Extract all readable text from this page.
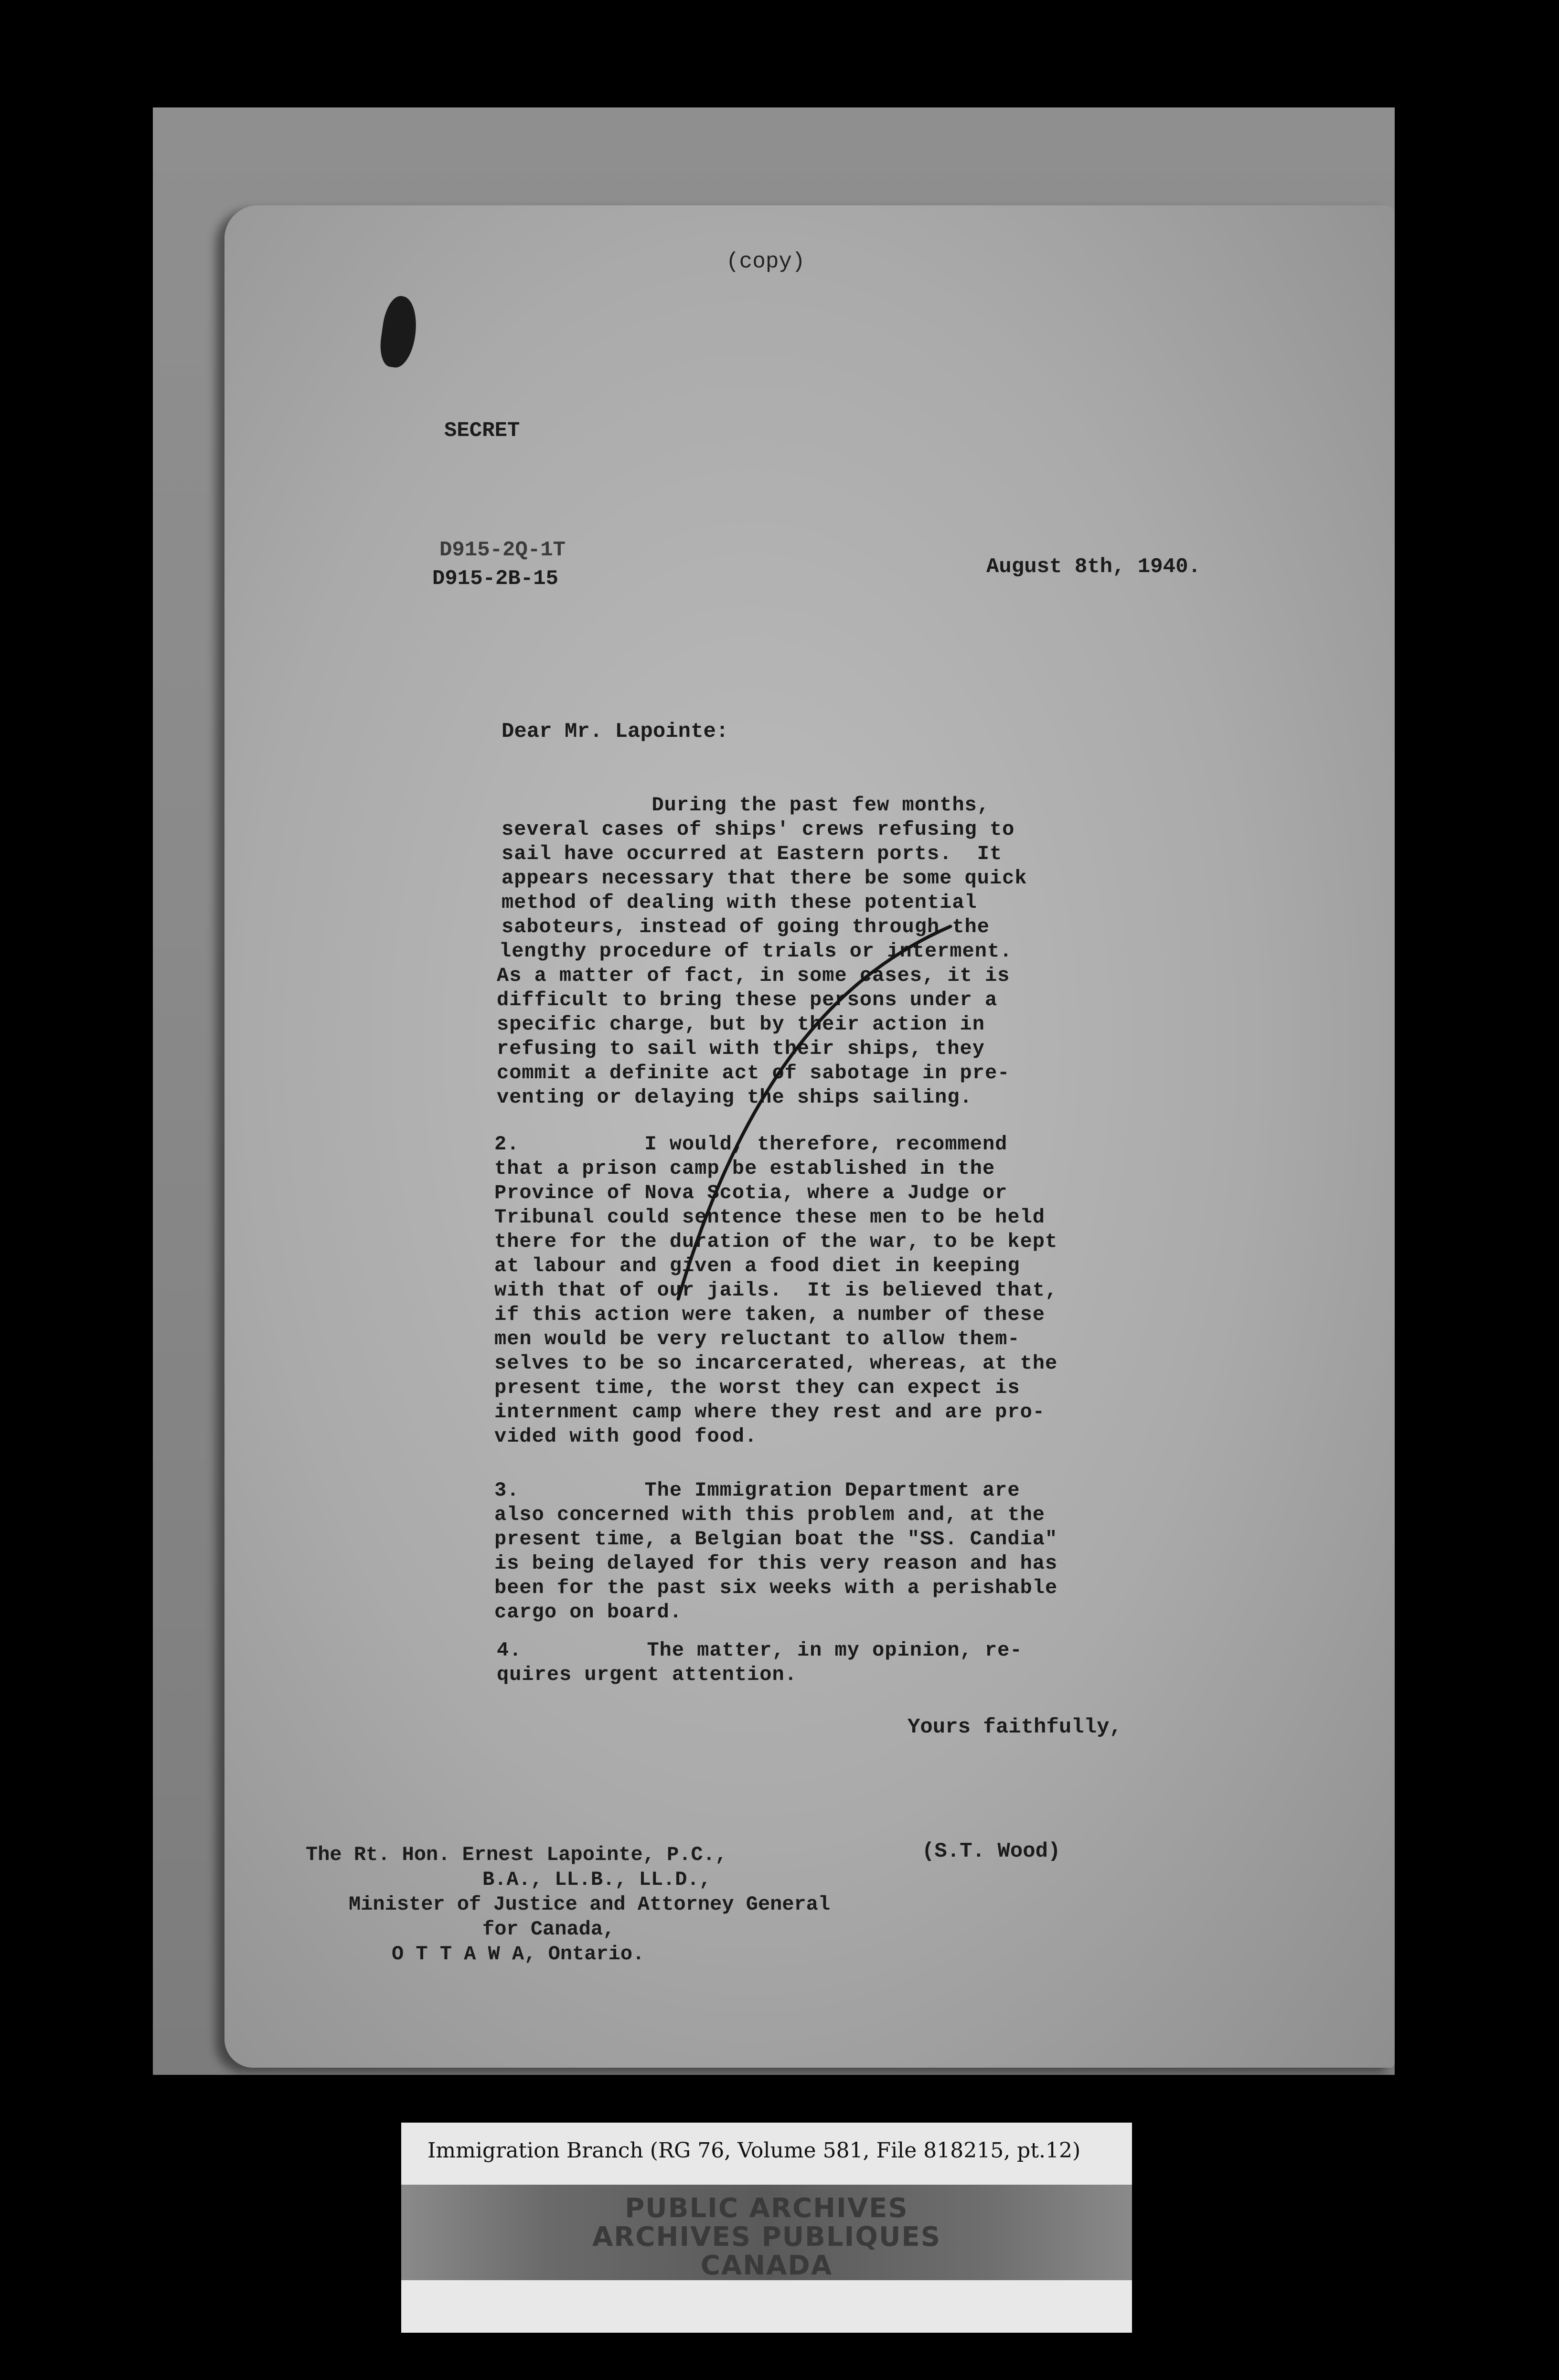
(copy)
SECRET
D915-2Q-1T
D915-2B-15	August 8th, 1940.
Dear Mr. Lapointe:
During the past few months,
several cases of ships' crews refusing to
sail have occurred at Eastern ports.  It
appears necessary that there be some quick
method of dealing with these potential
saboteurs, instead of going through the
lengthy procedure of trials or interment.
As a matter of fact, in some cases, it is
difficult to bring these persons under a
specific charge, but by their action in
refusing to sail with their ships, they
commit a definite act of sabotage in pre-
venting or delaying the ships sailing.
2.          I would, therefore, recommend
that a prison camp be established in the
Province of Nova Scotia, where a Judge or
Tribunal could sentence these men to be held
there for the duration of the war, to be kept
at labour and given a food diet in keeping
with that of our jails.  It is believed that,
if this action were taken, a number of these
men would be very reluctant to allow them-
selves to be so incarcerated, whereas, at the
present time, the worst they can expect is
internment camp where they rest and are pro-
vided with good food.
3.          The Immigration Department are
also concerned with this problem and, at the
present time, a Belgian boat the "SS. Candia"
is being delayed for this very reason and has
been for the past six weeks with a perishable
cargo on board.
4.          The matter, in my opinion, re-
quires urgent attention.
Yours faithfully,
(S.T. Wood)
The Rt. Hon. Ernest Lapointe, P.C.,
B.A., LL.B., LL.D.,
Minister of Justice and Attorney General
for Canada,
O T T A W A, Ontario.
Immigration Branch (RG 76, Volume 581, File 818215, pt.12)
PUBLIC ARCHIVES
ARCHIVES PUBLIQUES
CANADA
